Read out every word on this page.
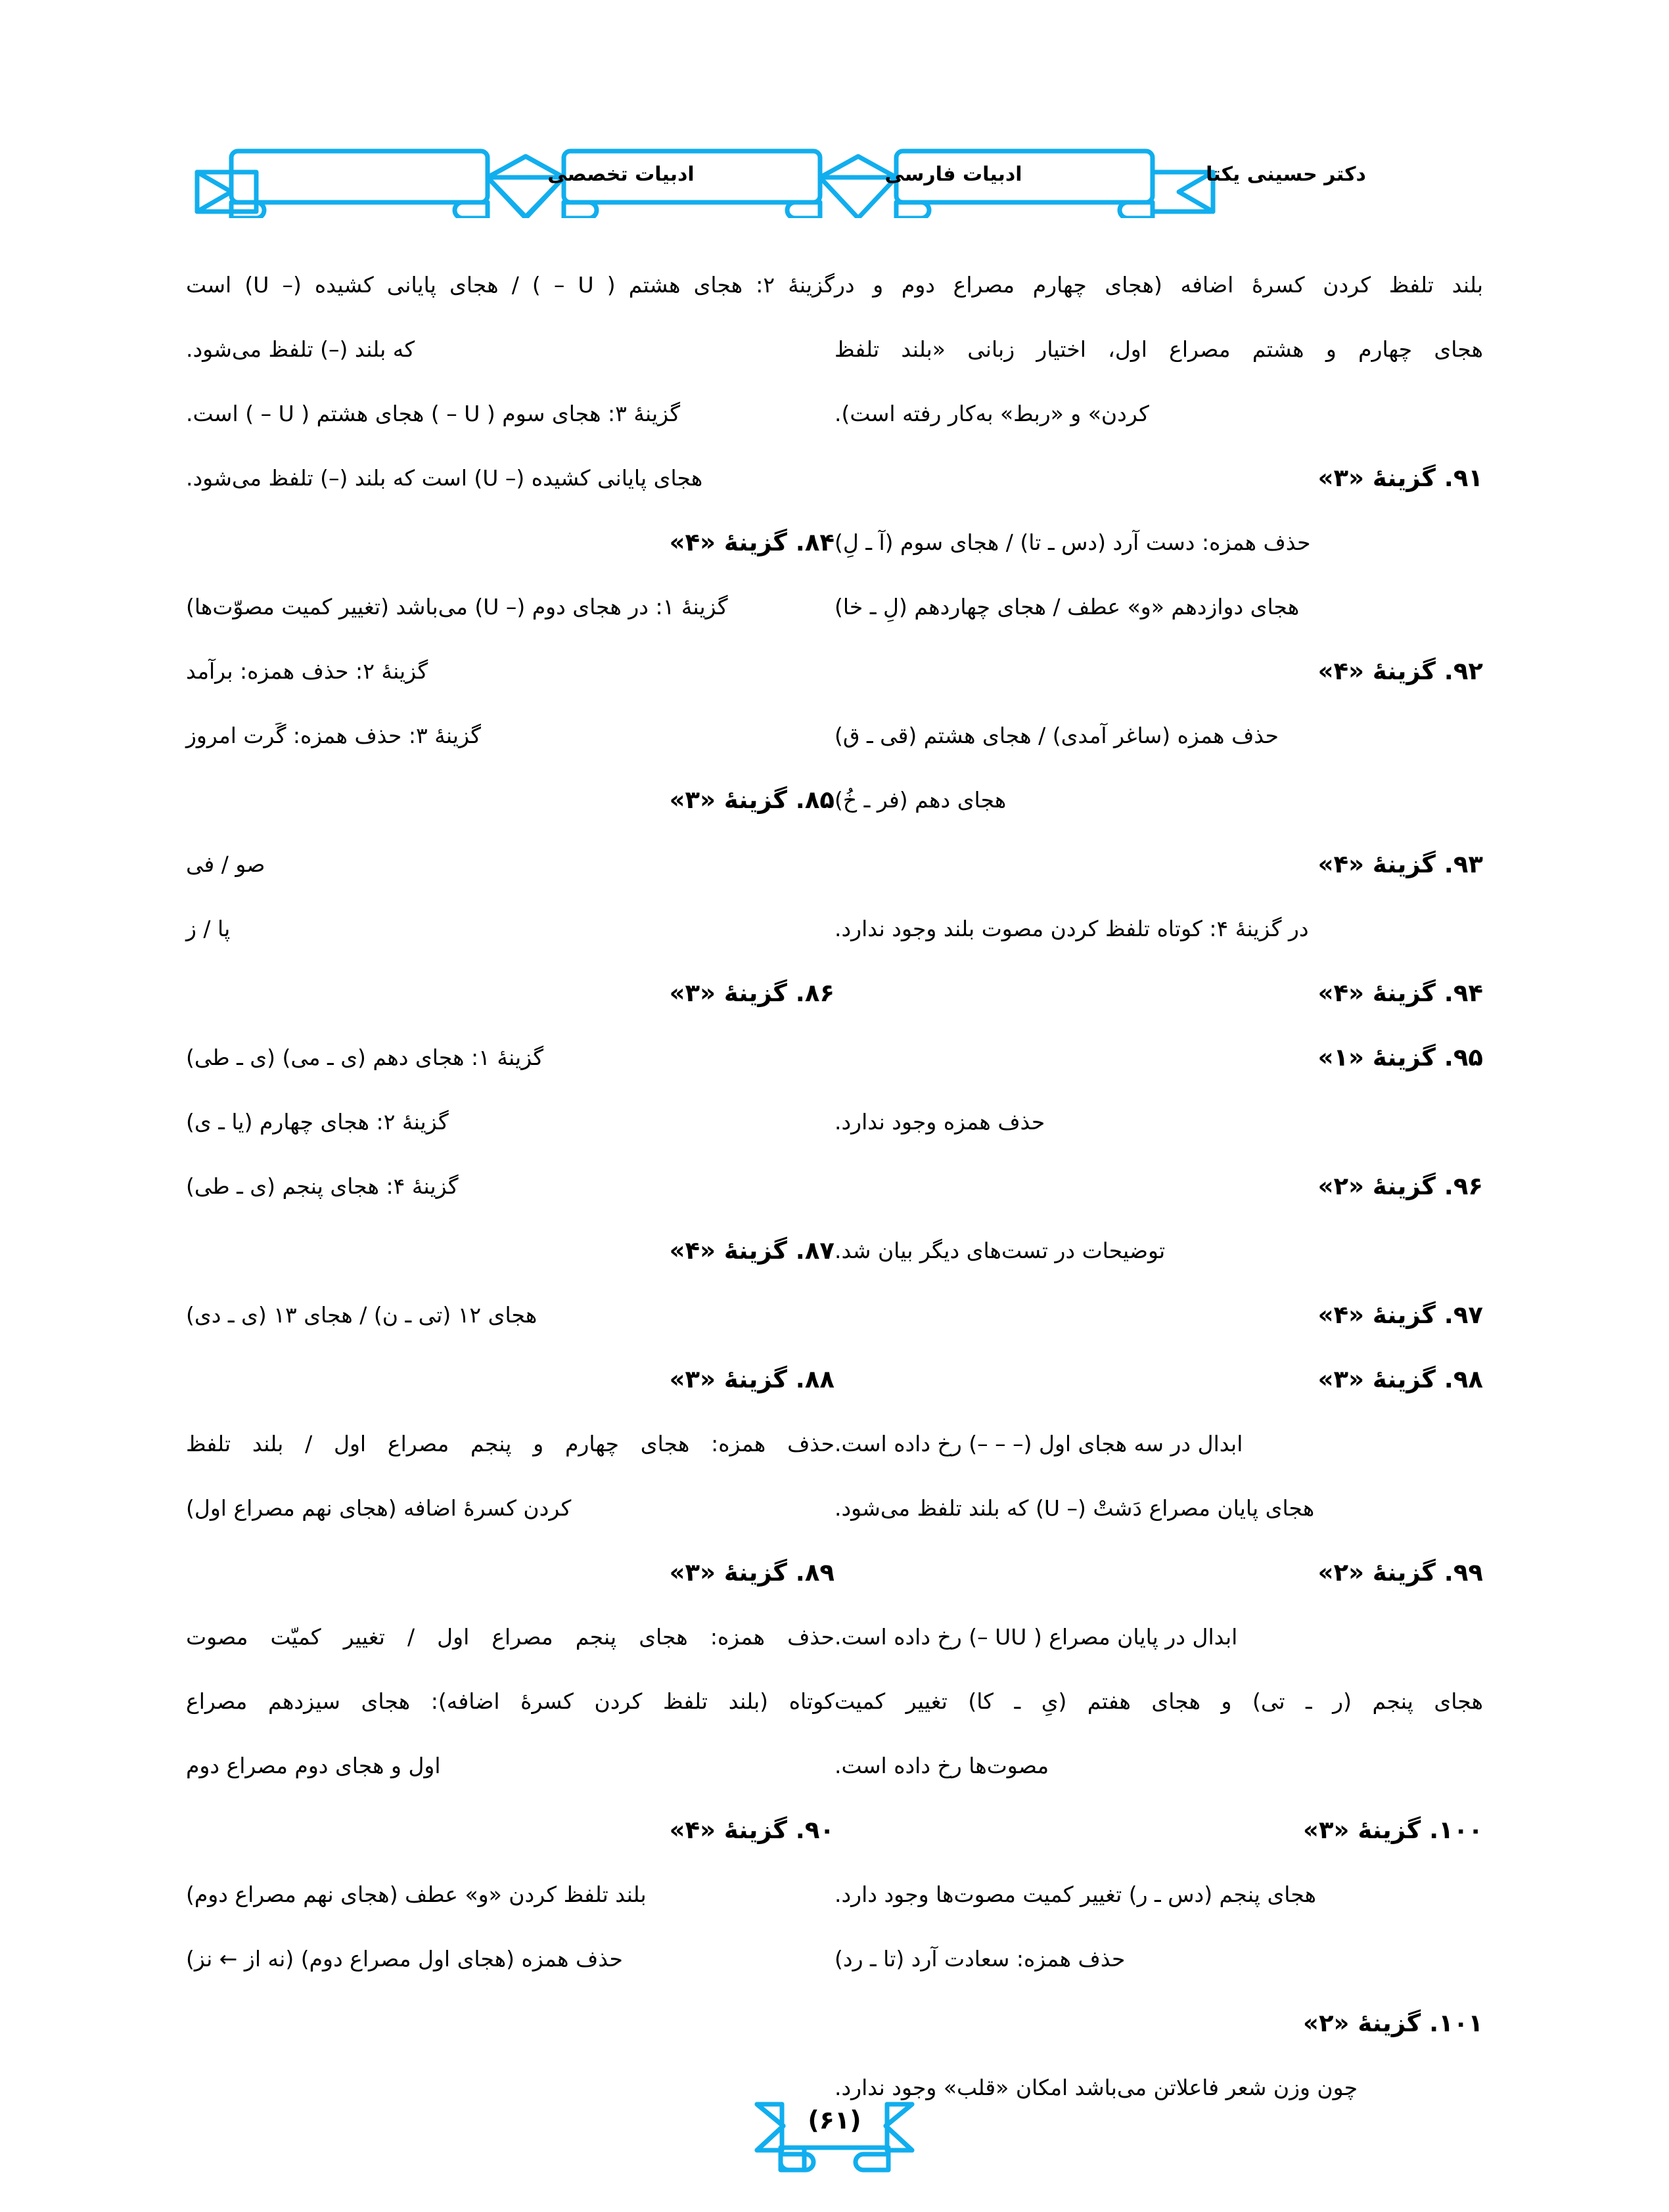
دکتر حسینی یکتا
ادبیات فارسی
ادبیات تخصصی
بلند تلفظ کردن کسرهٔ اضافه (هجای چهارم مصراع دوم و در
هجای چهارم و هشتم مصراع اول، اختیار زبانی «بلند تلفظ
کردن» و «ربط» به‌کار رفته است).
۹۱. گزینهٔ «۳»
حذف همزه: دست آرد (دس ـ تا) / هجای سوم (آ ـ لِ)
هجای دوازدهم «و» عطف / هجای چهاردهم (لِ ـ خا)
۹۲. گزینهٔ «۴»
حذف همزه (ساغر آمدی) / هجای هشتم (قی ـ ق)
هجای دهم (فر ـ خُ)
۹۳. گزینهٔ «۴»
در گزینهٔ ۴: کوتاه تلفظ کردن مصوت بلند وجود ندارد.
۹۴. گزینهٔ «۴»
۹۵. گزینهٔ «۱»
حذف همزه وجود ندارد.
۹۶. گزینهٔ «۲»
توضیحات در تست‌های دیگر بیان شد.
۹۷. گزینهٔ «۴»
۹۸. گزینهٔ «۳»
ابدال در سه هجای اول (– – –) رخ داده است.
هجای پایان مصراع دَشتْ (– U) که بلند تلفظ می‌شود.
۹۹. گزینهٔ «۲»
ابدال در پایان مصراع ( UU –) رخ داده است.
هجای پنجم (ر ـ تی) و هجای هفتم (یِ ـ کا) تغییر کمیت
مصوت‌ها رخ داده است.
۱۰۰. گزینهٔ «۳»
هجای پنجم (دس ـ ر) تغییر کمیت مصوت‌ها وجود دارد.
حذف همزه: سعادت آرد (تا ـ رد)
۱۰۱. گزینهٔ «۲»
چون وزن شعر فاعلاتن می‌باشد امکان «قلب» وجود ندارد.
گزینهٔ ۲: هجای هشتم ( U – ) / هجای پایانی کشیده (– U) است
که بلند (–) تلفظ می‌شود.
گزینهٔ ۳: هجای سوم ( U – ) هجای هشتم ( U – ) است.
هجای پایانی کشیده (– U) است که بلند (–) تلفظ می‌شود.
۸۴. گزینهٔ «۴»
گزینهٔ ۱: در هجای دوم (– U) می‌باشد (تغییر کمیت مصوّت‌ها)
گزینهٔ ۲: حذف همزه: برآمد
گزینهٔ ۳: حذف همزه: گَرت امروز
۸۵. گزینهٔ «۳»
صو / فی
پا / ز
۸۶. گزینهٔ «۳»
گزینهٔ ۱: هجای دهم (ی ـ می) (ی ـ طی)
گزینهٔ ۲: هجای چهارم (یا ـ ی)
گزینهٔ ۴: هجای پنجم (ی ـ طی)
۸۷. گزینهٔ «۴»
هجای ۱۲ (تی ـ ن) / هجای ۱۳ (ی ـ دی)
۸۸. گزینهٔ «۳»
حذف همزه: هجای چهارم و پنجم مصراع اول / بلند تلفظ
کردن کسرهٔ اضافه (هجای نهم مصراع اول)
۸۹. گزینهٔ «۳»
حذف همزه: هجای پنجم مصراع اول / تغییر کمیّت مصوت
کوتاه (بلند تلفظ کردن کسرهٔ اضافه): هجای سیزدهم مصراع
اول و هجای دوم مصراع دوم
۹۰. گزینهٔ «۴»
بلند تلفظ کردن «و» عطف (هجای نهم مصراع دوم)
حذف همزه (هجای اول مصراع دوم) (نه از ← نز)
(۶۱)
